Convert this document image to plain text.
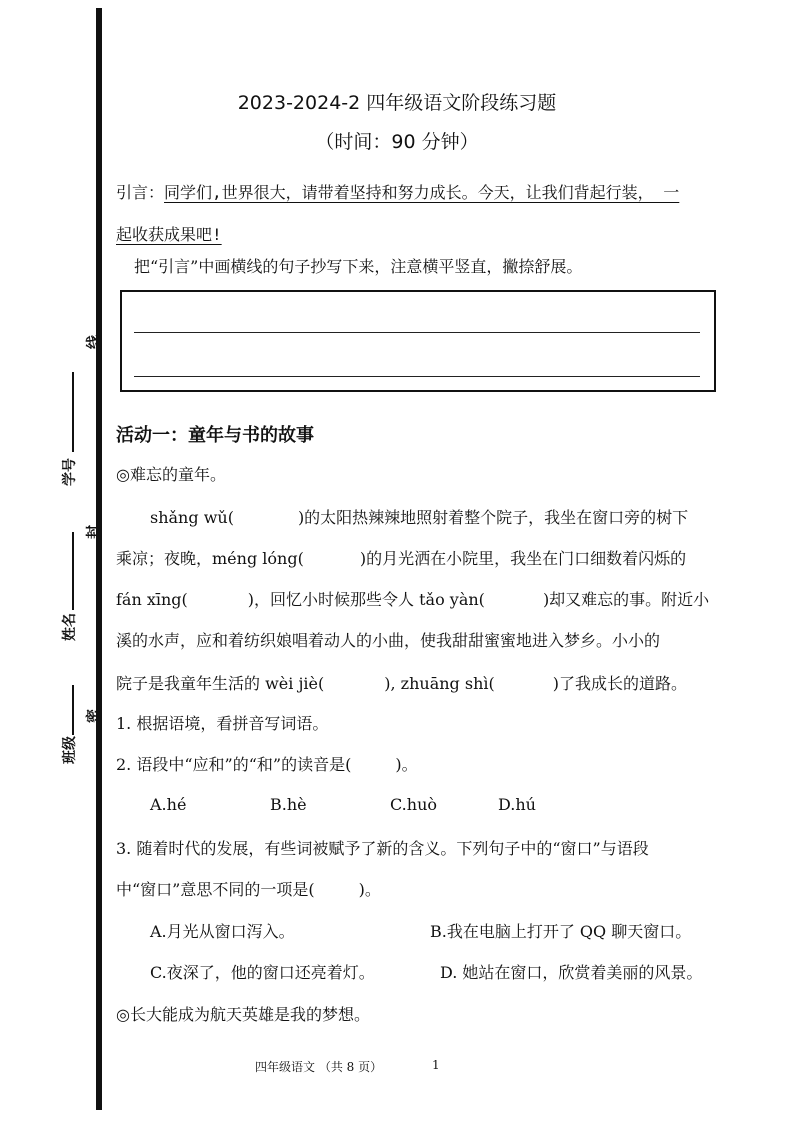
线
封
密
学号
姓名
班级
2023-2024-2 四年级语文阶段练习题
（时间：90 分钟）
引言：同学们,世界很大，请带着坚持和努力成长。今天，让我们背起行装， 一
起收获成果吧!
把“引言”中画横线的句子抄写下来，注意横平竖直，撇捺舒展。
活动一：童年与书的故事
◎难忘的童年。
shǎng wǔ(	)的太阳热辣辣地照射着整个院子，我坐在窗口旁的树下
乘凉；夜晚，méng lóng(	)的月光洒在小院里，我坐在门口细数着闪烁的
fán xīng(	)，回忆小时候那些令人 tǎo yàn(	)却又难忘的事。附近小
溪的水声，应和着纺织娘唱着动人的小曲，使我甜甜蜜蜜地进入梦乡。小小的
院子是我童年生活的 wèi jiè(	), zhuāng shì(	)了我成长的道路。
1. 根据语境，看拼音写词语。
2. 语段中“应和”的“和”的读音是(	)。
A.hé	B.hè	C.huò	D.hú
3. 随着时代的发展，有些词被赋予了新的含义。下列句子中的“窗口”与语段
中“窗口”意思不同的一项是(	)。
A.月光从窗口泻入。	B.我在电脑上打开了 QQ 聊天窗口。
C.夜深了，他的窗口还亮着灯。	D. 她站在窗口，欣赏着美丽的风景。
◎长大能成为航天英雄是我的梦想。
四年级语文 （共 8 页）	1
